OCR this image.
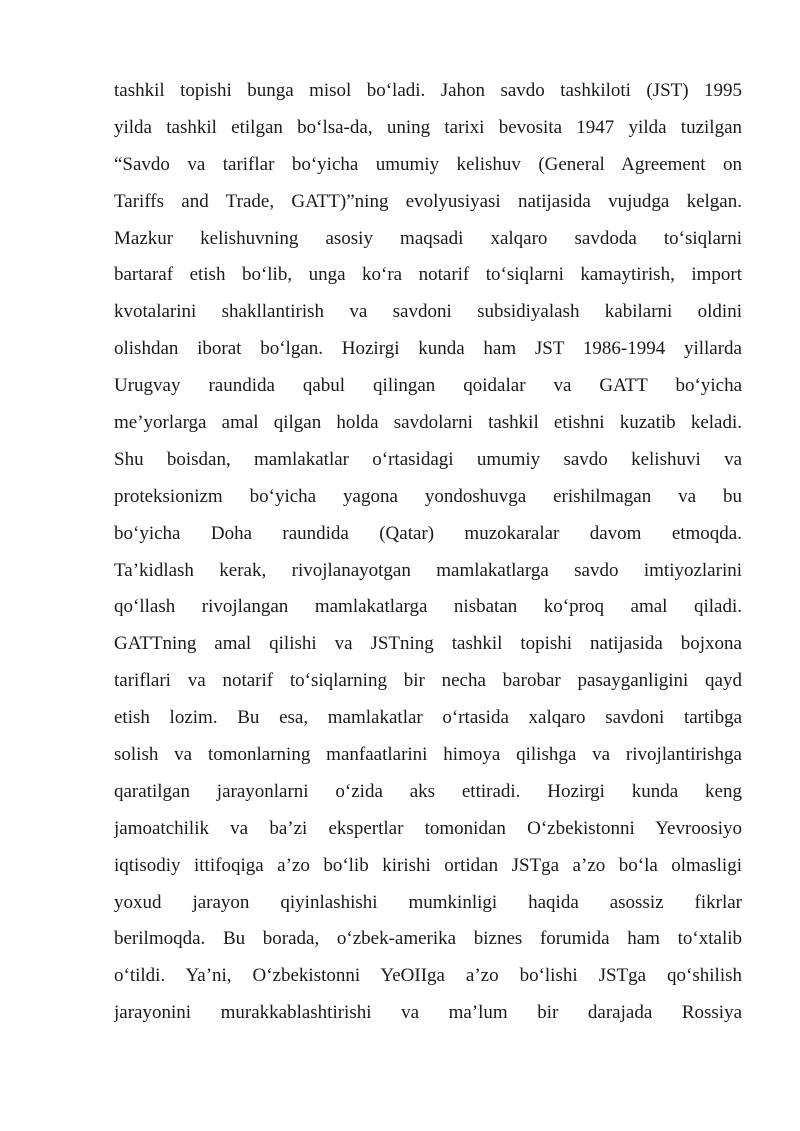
tashkil topishi bunga misol bo‘ladi. Jahon savdo tashkiloti (JST) 1995
yilda tashkil etilgan bo‘lsa-da, uning tarixi bevosita 1947 yilda tuzilgan
“Savdo va tariflar bo‘yicha umumiy kelishuv (General Agreement on
Tariffs and Trade, GATT)”ning evolyusiyasi natijasida vujudga kelgan.
Mazkur kelishuvning asosiy maqsadi xalqaro savdoda to‘siqlarni
bartaraf etish bo‘lib, unga ko‘ra notarif to‘siqlarni kamaytirish, import
kvotalarini shakllantirish va savdoni subsidiyalash kabilarni oldini
olishdan iborat bo‘lgan. Hozirgi kunda ham JST 1986-1994 yillarda
Urugvay raundida qabul qilingan qoidalar va GATT bo‘yicha
me’yorlarga amal qilgan holda savdolarni tashkil etishni kuzatib keladi.
Shu boisdan, mamlakatlar o‘rtasidagi umumiy savdo kelishuvi va
proteksionizm bo‘yicha yagona yondoshuvga erishilmagan va bu
bo‘yicha Doha raundida (Qatar) muzokaralar davom etmoqda.
Ta’kidlash kerak, rivojlanayotgan mamlakatlarga savdo imtiyozlarini
qo‘llash rivojlangan mamlakatlarga nisbatan ko‘proq amal qiladi.
GATTning amal qilishi va JSTning tashkil topishi natijasida bojxona
tariflari va notarif to‘siqlarning bir necha barobar pasayganligini qayd
etish lozim. Bu esa, mamlakatlar o‘rtasida xalqaro savdoni tartibga
solish va tomonlarning manfaatlarini himoya qilishga va rivojlantirishga
qaratilgan jarayonlarni o‘zida aks ettiradi. Hozirgi kunda keng
jamoatchilik va ba’zi ekspertlar tomonidan O‘zbekistonni Yevroosiyo
iqtisodiy ittifoqiga a’zo bo‘lib kirishi ortidan JSTga a’zo bo‘la olmasligi
yoxud jarayon qiyinlashishi mumkinligi haqida asossiz fikrlar
berilmoqda. Bu borada, o‘zbek-amerika biznes forumida ham to‘xtalib
o‘tildi. Ya’ni, O‘zbekistonni YeOIIga a’zo bo‘lishi JSTga qo‘shilish
jarayonini murakkablashtirishi va ma’lum bir darajada Rossiya
